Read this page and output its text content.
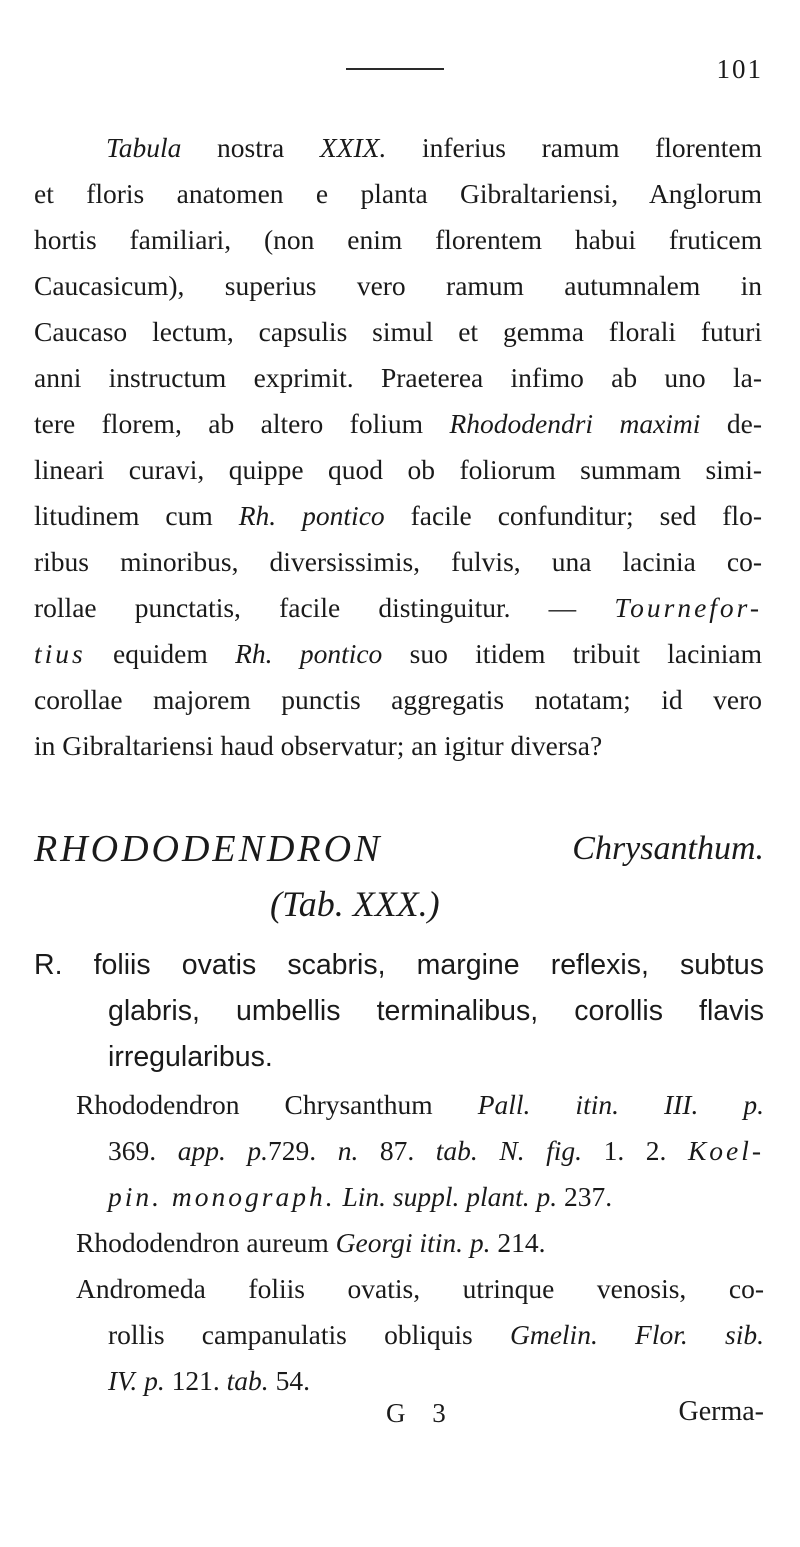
101
Tabula nostra XXIX. inferius ramum florentem
et floris anatomen e planta Gibraltariensi, Anglorum
hortis familiari, (non enim florentem habui fruticem
Caucasicum), superius vero ramum autumnalem in
Caucaso lectum, capsulis simul et gemma florali futuri
anni instructum exprimit. Praeterea infimo ab uno la-
tere florem, ab altero folium Rhododendri maximi de-
lineari curavi, quippe quod ob foliorum summam simi-
litudinem cum Rh. pontico facile confunditur; sed flo-
ribus minoribus, diversissimis, fulvis, una lacinia co-
rollae punctatis, facile distinguitur. — Tournefor-
tius equidem Rh. pontico suo itidem tribuit laciniam
corollae majorem punctis aggregatis notatam; id vero
in Gibraltariensi haud observatur; an igitur diversa?
RHODODENDRON	Chrysanthum.
(Tab. XXX.)
R. foliis ovatis scabris, margine reflexis, subtus
glabris, umbellis terminalibus, corollis flavis
irregularibus.
Rhododendron Chrysanthum Pall. itin. III. p.
369. app. p.729. n. 87. tab. N. fig. 1. 2. Koel-
pin. monograph. Lin. suppl. plant. p. 237.
Rhododendron aureum Georgi itin. p. 214.
Andromeda foliis ovatis, utrinque venosis, co-
rollis campanulatis obliquis Gmelin. Flor. sib.
IV. p. 121. tab. 54.
G 3	Germa-
